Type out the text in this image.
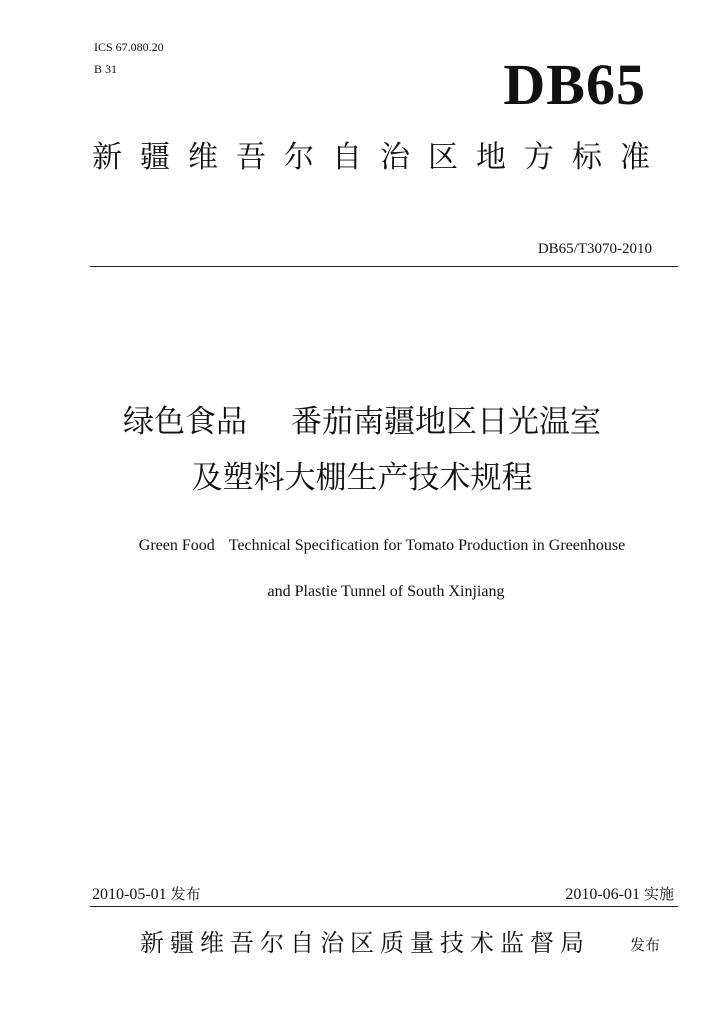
ICS 67.080.20
B 31	DB65
新疆维吾尔自治区地方标准
DB65/T3070-2010
绿色食品 番茄南疆地区日光温室
及塑料大棚生产技术规程
Green Food Technical Specification for Tomato Production in Greenhouse
and Plastie Tunnel of South Xinjiang
2010-05-01 发布	2010-06-01 实施
新疆维吾尔自治区质量技术监督局	发布
